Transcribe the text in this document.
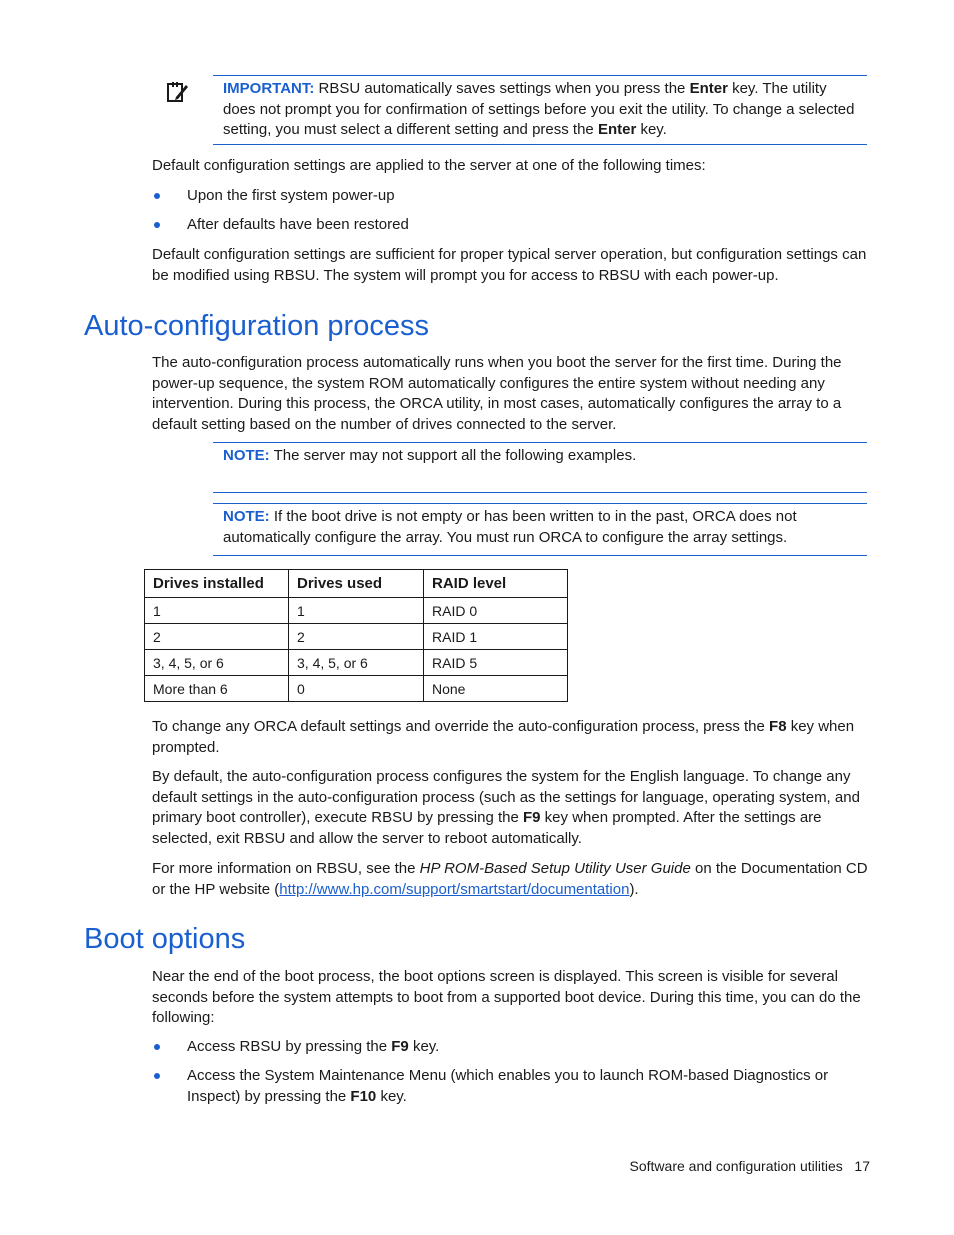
IMPORTANT: RBSU automatically saves settings when you press the Enter key. The utility does not prompt you for confirmation of settings before you exit the utility. To change a selected setting, you must select a different setting and press the Enter key.

Default configuration settings are applied to the server at one of the following times:

Upon the first system power-up
After defaults have been restored

Default configuration settings are sufficient for proper typical server operation, but configuration settings can be modified using RBSU. The system will prompt you for access to RBSU with each power-up.

Auto-configuration process

The auto-configuration process automatically runs when you boot the server for the first time. During the power-up sequence, the system ROM automatically configures the entire system without needing any intervention. During this process, the ORCA utility, in most cases, automatically configures the array to a default setting based on the number of drives connected to the server.

NOTE: The server may not support all the following examples.

NOTE: If the boot drive is not empty or has been written to in the past, ORCA does not automatically configure the array. You must run ORCA to configure the array settings.

Drives installed	Drives used	RAID level
1	1	RAID 0
2	2	RAID 1
3, 4, 5, or 6	3, 4, 5, or 6	RAID 5
More than 6	0	None

To change any ORCA default settings and override the auto-configuration process, press the F8 key when prompted.

By default, the auto-configuration process configures the system for the English language. To change any default settings in the auto-configuration process (such as the settings for language, operating system, and primary boot controller), execute RBSU by pressing the F9 key when prompted. After the settings are selected, exit RBSU and allow the server to reboot automatically.

For more information on RBSU, see the HP ROM-Based Setup Utility User Guide on the Documentation CD or the HP website (http://www.hp.com/support/smartstart/documentation).

Boot options

Near the end of the boot process, the boot options screen is displayed. This screen is visible for several seconds before the system attempts to boot from a supported boot device. During this time, you can do the following:

Access RBSU by pressing the F9 key.
Access the System Maintenance Menu (which enables you to launch ROM-based Diagnostics or Inspect) by pressing the F10 key.
Software and configuration utilities 17
